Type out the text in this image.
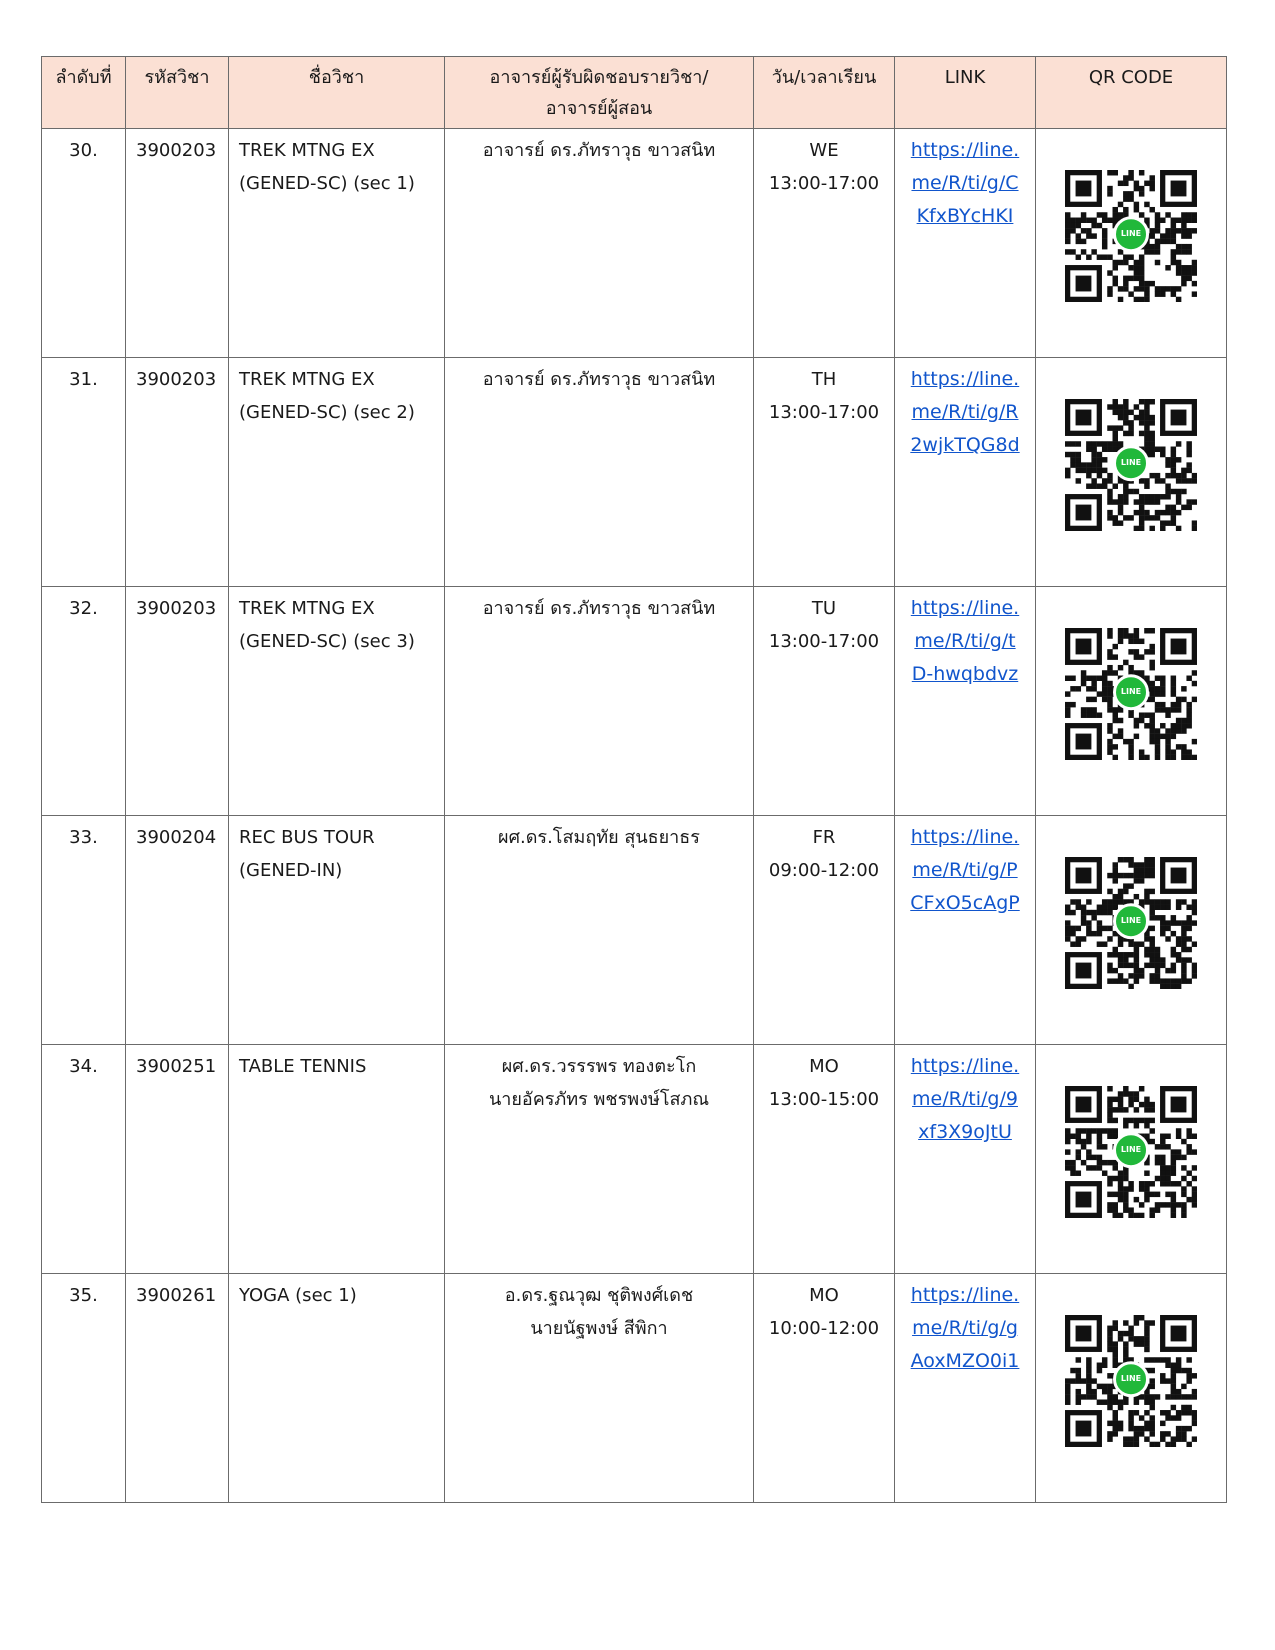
ลำดับที่	รหัสวิชา	ชื่อวิชา	อาจารย์ผู้รับผิดชอบรายวิชา/
อาจารย์ผู้สอน	วัน/เวลาเรียน	LINK	QR CODE
30.	3900203	TREK MTNG EX
(GENED-SC) (sec 1)	อาจารย์ ดร.ภัทราวุธ ขาวสนิท	WE
13:00-17:00	https://line.
me/R/ti/g/C
KfxBYcHKI	LINE

31.	3900203	TREK MTNG EX
(GENED-SC) (sec 2)	อาจารย์ ดร.ภัทราวุธ ขาวสนิท	TH
13:00-17:00	https://line.
me/R/ti/g/R
2wjkTQG8d	LINE

32.	3900203	TREK MTNG EX
(GENED-SC) (sec 3)	อาจารย์ ดร.ภัทราวุธ ขาวสนิท	TU
13:00-17:00	https://line.
me/R/ti/g/t
D-hwqbdvz	LINE

33.	3900204	REC BUS TOUR
(GENED-IN)	ผศ.ดร.โสมฤทัย สุนธยาธร	FR
09:00-12:00	https://line.
me/R/ti/g/P
CFxO5cAgP	LINE

34.	3900251	TABLE TENNIS	ผศ.ดร.วรรรพร ทองตะโก
นายอัครภัทร พชรพงษ์โสภณ	MO
13:00-15:00	https://line.
me/R/ti/g/9
xf3X9oJtU	LINE

35.	3900261	YOGA (sec 1)	อ.ดร.ฐณวุฒ ชุติพงศ์เดช
นายนัฐพงษ์ สีพิกา	MO
10:00-12:00	https://line.
me/R/ti/g/g
AoxMZO0i1	LINE
